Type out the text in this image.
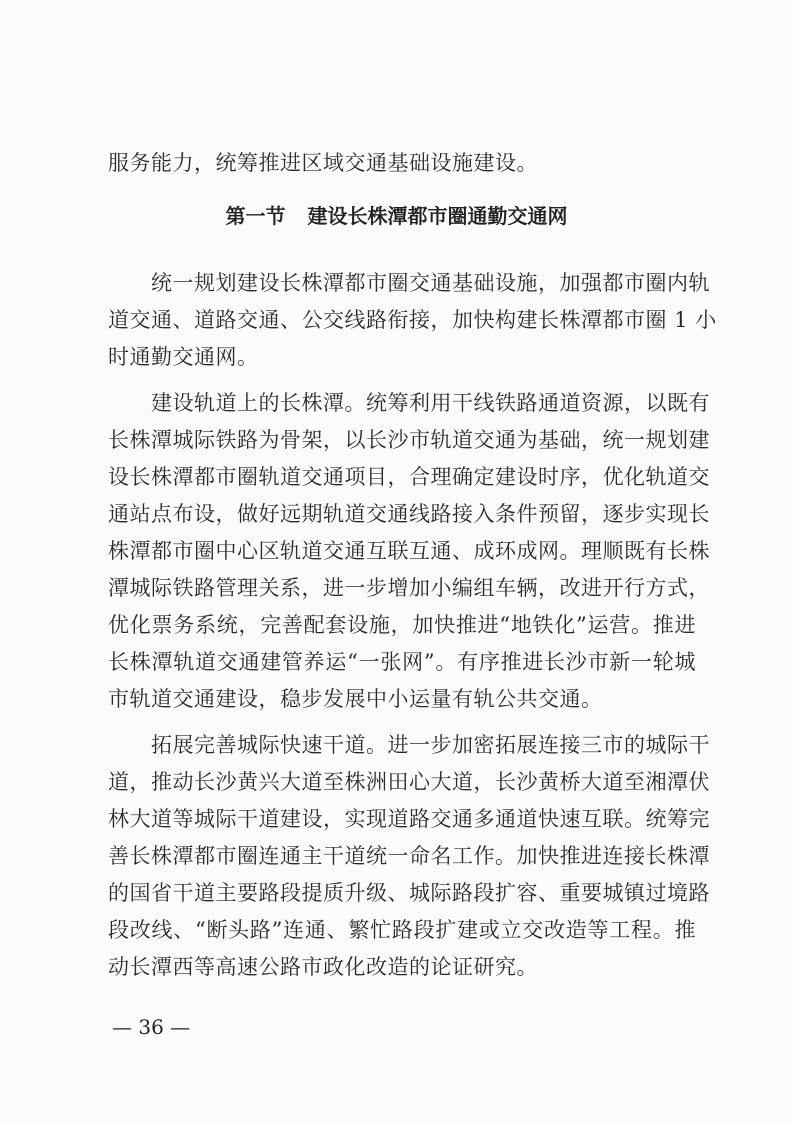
服务能力，统筹推进区域交通基础设施建设。
第一节 建设长株潭都市圈通勤交通网
　　统一规划建设长株潭都市圈交通基础设施，加强都市圈内轨
道交通、道路交通、公交线路衔接，加快构建长株潭都市圈 1 小
时通勤交通网。
　　建设轨道上的长株潭。统筹利用干线铁路通道资源，以既有
长株潭城际铁路为骨架，以长沙市轨道交通为基础，统一规划建
设长株潭都市圈轨道交通项目，合理确定建设时序，优化轨道交
通站点布设，做好远期轨道交通线路接入条件预留，逐步实现长
株潭都市圈中心区轨道交通互联互通、成环成网。理顺既有长株
潭城际铁路管理关系，进一步增加小编组车辆，改进开行方式，
优化票务系统，完善配套设施，加快推进“地铁化”运营。推进
长株潭轨道交通建管养运“一张网”。有序推进长沙市新一轮城
市轨道交通建设，稳步发展中小运量有轨公共交通。
　　拓展完善城际快速干道。进一步加密拓展连接三市的城际干
道，推动长沙黄兴大道至株洲田心大道，长沙黄桥大道至湘潭伏
林大道等城际干道建设，实现道路交通多通道快速互联。统筹完
善长株潭都市圈连通主干道统一命名工作。加快推进连接长株潭
的国省干道主要路段提质升级、城际路段扩容、重要城镇过境路
段改线、“断头路”连通、繁忙路段扩建或立交改造等工程。推
动长潭西等高速公路市政化改造的论证研究。
— 36 —
